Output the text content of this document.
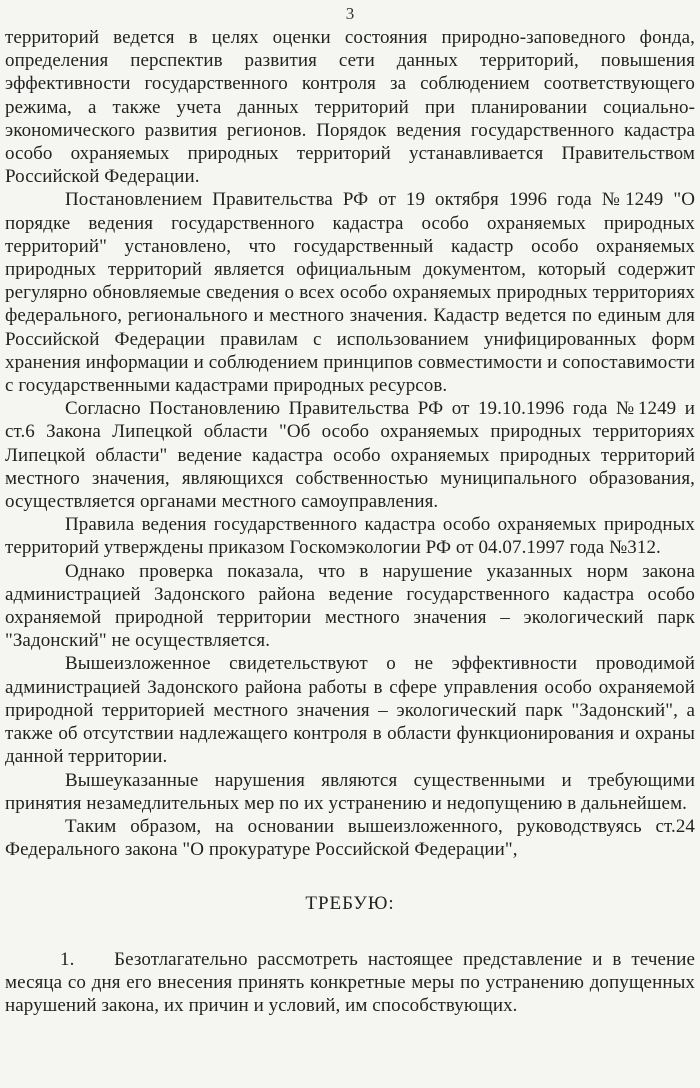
3

территорий ведется в целях оценки состояния природно-заповедного фонда, определения перспектив развития сети данных территорий, повышения эффективности государственного контроля за соблюдением соответствующего режима, а также учета данных территорий при планировании социально-экономического развития регионов. Порядок ведения государственного кадастра особо охраняемых природных территорий устанавливается Правительством Российской Федерации.

Постановлением Правительства РФ от 19 октября 1996 года №1249 "О порядке ведения государственного кадастра особо охраняемых природных территорий" установлено, что государственный кадастр особо охраняемых природных территорий является официальным документом, который содержит регулярно обновляемые сведения о всех особо охраняемых природных территориях федерального, регионального и местного значения. Кадастр ведется по единым для Российской Федерации правилам с использованием унифицированных форм хранения информации и соблюдением принципов совместимости и сопоставимости с государственными кадастрами природных ресурсов.

Согласно Постановлению Правительства РФ от 19.10.1996 года №1249 и ст.6 Закона Липецкой области "Об особо охраняемых природных территориях Липецкой области" ведение кадастра особо охраняемых природных территорий местного значения, являющихся собственностью муниципального образования, осуществляется органами местного самоуправления.

Правила ведения государственного кадастра особо охраняемых природных территорий утверждены приказом Госкомэкологии РФ от 04.07.1997 года №312.

Однако проверка показала, что в нарушение указанных норм закона администрацией Задонского района ведение государственного кадастра особо охраняемой природной территории местного значения – экологический парк "Задонский" не осуществляется.

Вышеизложенное свидетельствуют о не эффективности проводимой администрацией Задонского района работы в сфере управления особо охраняемой природной территорией местного значения – экологический парк "Задонский", а также об отсутствии надлежащего контроля в области функционирования и охраны данной территории.

Вышеуказанные нарушения являются существенными и требующими принятия незамедлительных мер по их устранению и недопущению в дальнейшем.

Таким образом, на основании вышеизложенного, руководствуясь ст.24 Федерального закона "О прокуратуре Российской Федерации",

ТРЕБУЮ:

1. Безотлагательно рассмотреть настоящее представление и в течение месяца со дня его внесения принять конкретные меры по устранению допущенных нарушений закона, их причин и условий, им способствующих.
